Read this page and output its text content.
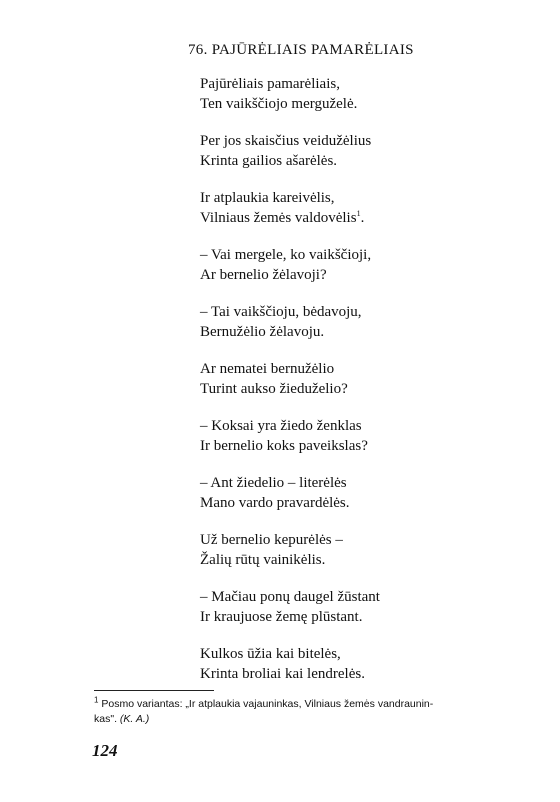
76. PAJŪRĖLIAIS PAMARĖLIAIS
Pajūrėliais pamarėliais,
Ten vaikščiojo merguželė.
Per jos skaisčius veidužėlius
Krinta gailios ašarėlės.
Ir atplaukia kareivėlis,
Vilniaus žemės valdovėlis$^1$.
– Vai mergele, ko vaikščioji,
Ar bernelio žėlavoji?
– Tai vaikščioju, bėdavoju,
Bernužėlio žėlavoju.
Ar nematei bernužėlio
Turint aukso žieduželio?
– Koksai yra žiedo ženklas
Ir bernelio koks paveikslas?
– Ant žiedelio – literėlės
Mano vardo pravardėlės.
Už bernelio kepurėlės –
Žalių rūtų vainikėlis.
– Mačiau ponų daugel žūstant
Ir kraujuose žemę plūstant.
Kulkos ūžia kai bitelės,
Krinta broliai kai lendrelės.
$^1$ Posmo variantas: „Ir atplaukia vajauninkas, Vilniaus žemės vandraunin-
kas". (K. A.)
124
